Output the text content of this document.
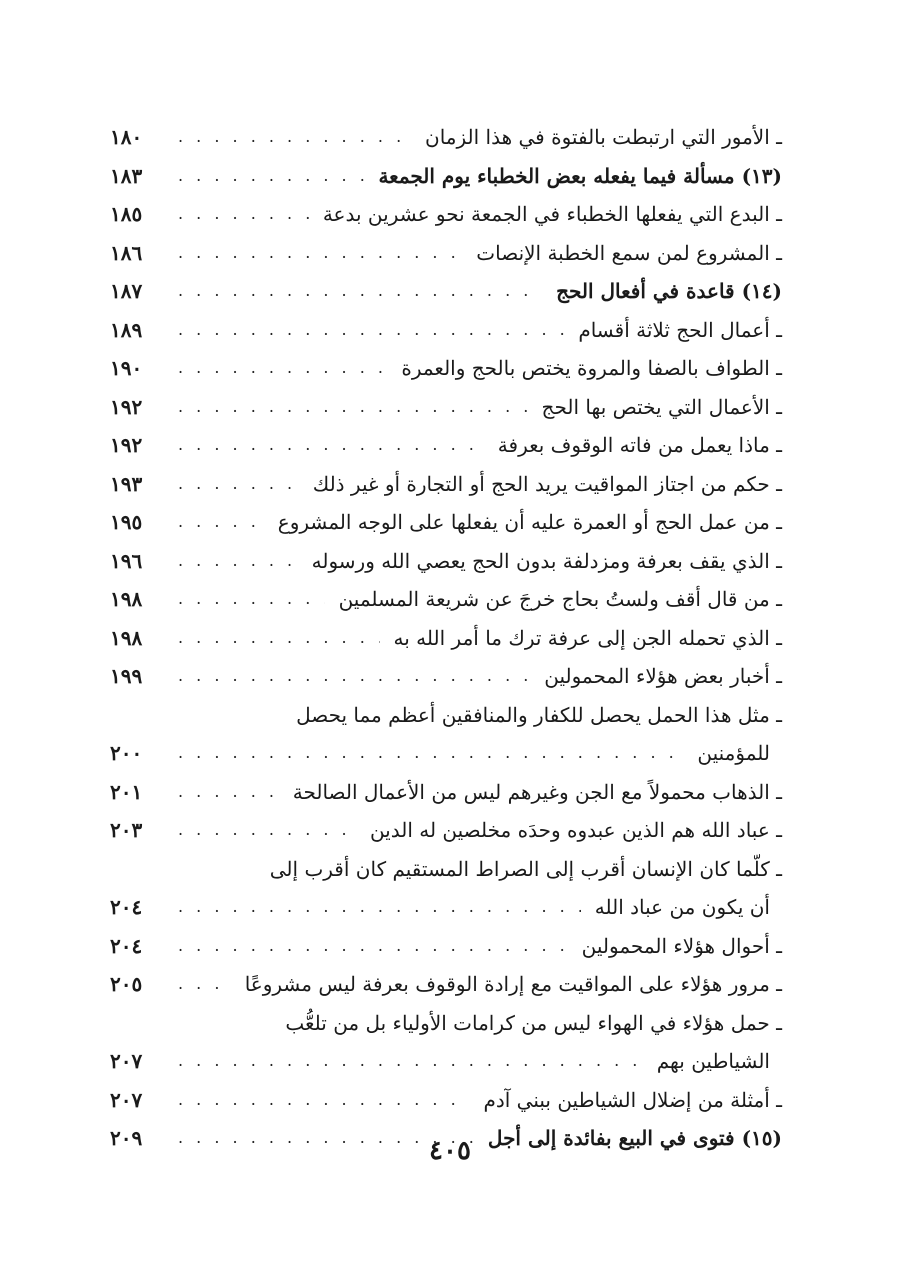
ـ الأمور التي ارتبطت بالفتوة في هذا الزمان
. . .
١٨٠
(١٣) مسألة فيما يفعله بعض الخطباء يوم الجمعة
. . .
١٨٣
ـ البدع التي يفعلها الخطباء في الجمعة نحو عشرين بدعة
. . .
١٨٥
ـ المشروع لمن سمع الخطبة الإنصات
. . .
١٨٦
(١٤) قاعدة في أفعال الحج
. . .
١٨٧
ـ أعمال الحج ثلاثة أقسام
. . .
١٨٩
ـ الطواف بالصفا والمروة يختص بالحج والعمرة
. . .
١٩٠
ـ الأعمال التي يختص بها الحج
. . .
١٩٢
ـ ماذا يعمل من فاته الوقوف بعرفة
. . .
١٩٢
ـ حكم من اجتاز المواقيت يريد الحج أو التجارة أو غير ذلك
. . .
١٩٣
ـ من عمل الحج أو العمرة عليه أن يفعلها على الوجه المشروع
. . .
١٩٥
ـ الذي يقف بعرفة ومزدلفة بدون الحج يعصي الله ورسوله
. . .
١٩٦
ـ من قال أقف ولستُ بحاج خرجَ عن شريعة المسلمين
. . .
١٩٨
ـ الذي تحمله الجن إلى عرفة ترك ما أمر الله به
. . .
١٩٨
ـ أخبار بعض هؤلاء المحمولين
. . .
١٩٩
ـ مثل هذا الحمل يحصل للكفار والمنافقين أعظم مما يحصل
للمؤمنين
. . .
٢٠٠
ـ الذهاب محمولاً مع الجن وغيرهم ليس من الأعمال الصالحة
. . .
٢٠١
ـ عباد الله هم الذين عبدوه وحدَه مخلصين له الدين
. . .
٢٠٣
ـ كلّما كان الإنسان أقرب إلى الصراط المستقيم كان أقرب إلى
أن يكون من عباد الله
. . .
٢٠٤
ـ أحوال هؤلاء المحمولين
. . .
٢٠٤
ـ مرور هؤلاء على المواقيت مع إرادة الوقوف بعرفة ليس مشروعًا
. . .
٢٠٥
ـ حمل هؤلاء في الهواء ليس من كرامات الأولياء بل من تلعُّب
الشياطين بهم
. . .
٢٠٧
ـ أمثلة من إضلال الشياطين ببني آدم
. . .
٢٠٧
(١٥) فتوى في البيع بفائدة إلى أجل
. . .
٢٠٩	٤٠٥
